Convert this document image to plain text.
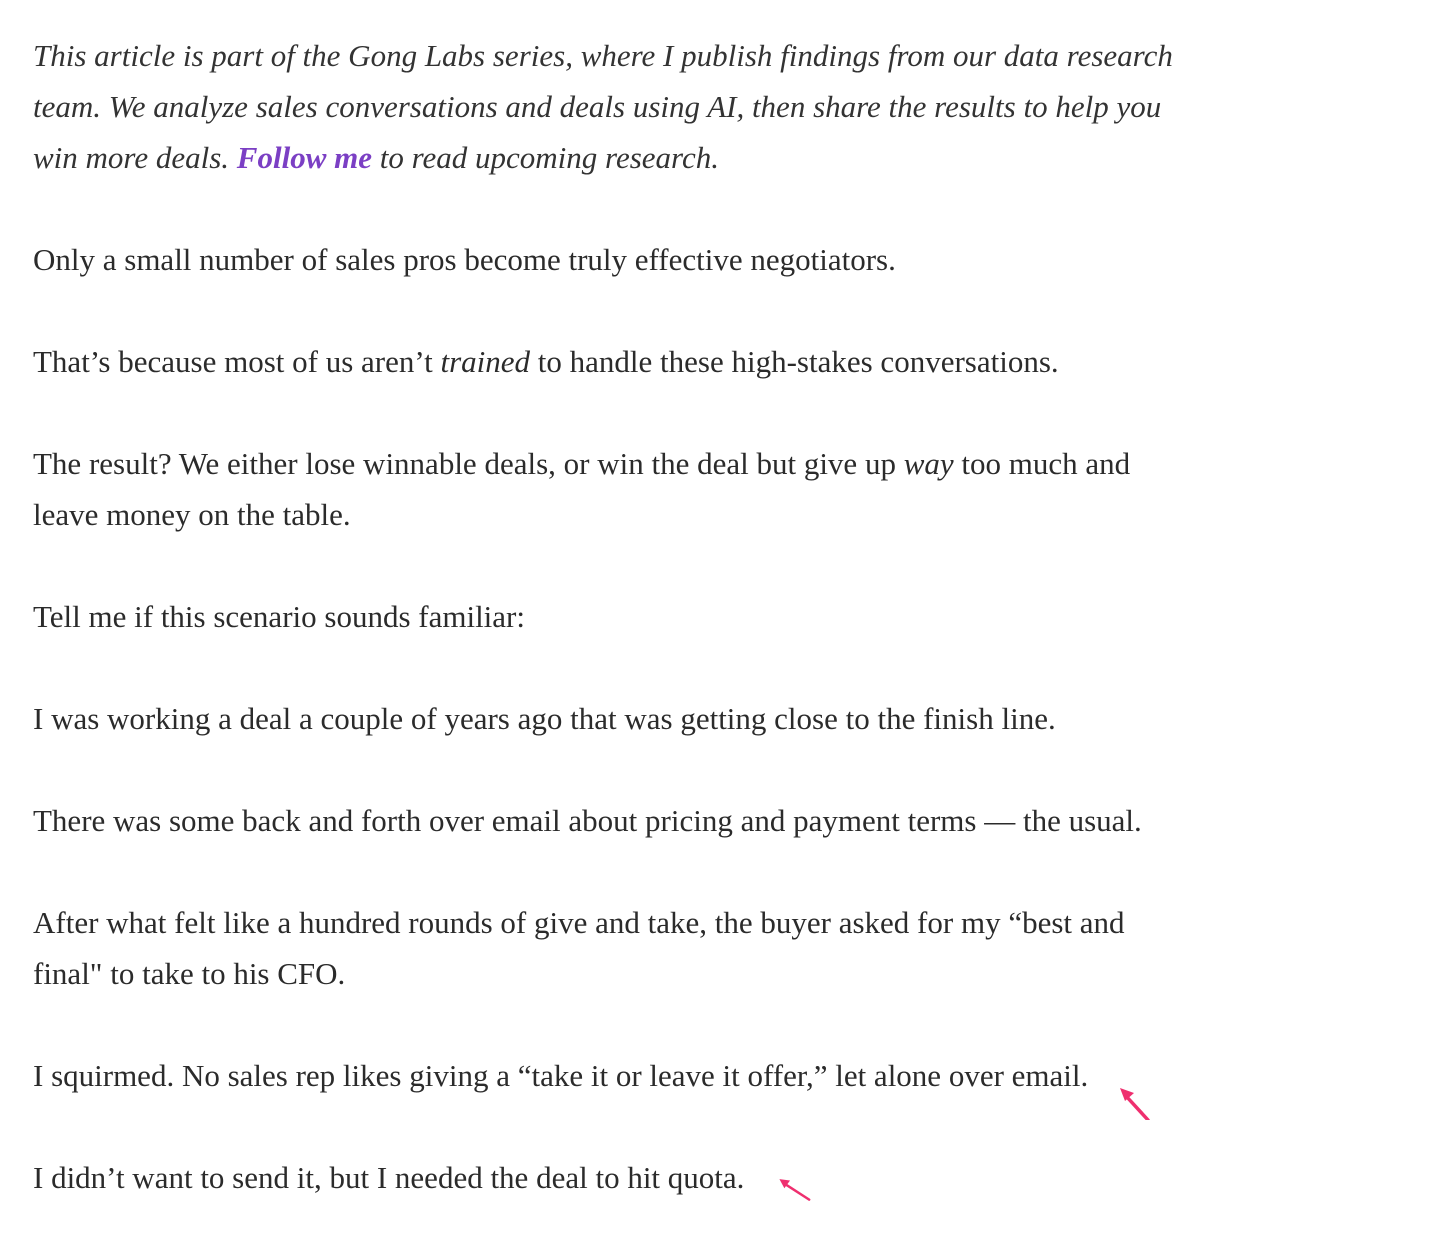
This article is part of the Gong Labs series, where I publish findings from our data research team. We analyze sales conversations and deals using AI, then share the results to help you win more deals. Follow me to read upcoming research.

Only a small number of sales pros become truly effective negotiators.

That’s because most of us aren’t trained to handle these high-stakes conversations.

The result? We either lose winnable deals, or win the deal but give up way too much and leave money on the table.

Tell me if this scenario sounds familiar:

I was working a deal a couple of years ago that was getting close to the finish line.

There was some back and forth over email about pricing and payment terms — the usual.

After what felt like a hundred rounds of give and take, the buyer asked for my “best and final" to take to his CFO.

I squirmed. No sales rep likes giving a “take it or leave it offer,” let alone over email.

I didn’t want to send it, but I needed the deal to hit quota.
